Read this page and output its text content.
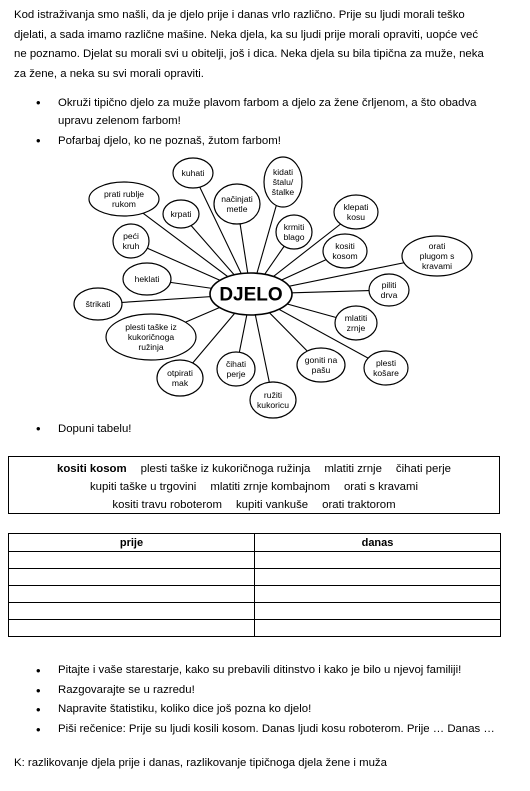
Kod istraživanja smo našli, da je djelo prije i danas vrlo različno. Prije su ljudi morali teško
djelati, a sada imamo različne mašine. Neka djela, ka su ljudi prije morali opraviti, uopće već
ne poznamo. Djelat su morali svi u obitelji, još i dica. Neka djela su bila tipična za muže, neka
za žene, a neka su svi morali opraviti.
• Okruži tipično djelo za muže plavom farbom a djelo za žene črljenom, a što obadva upravu zelenom farbom!
• Pofarbaj djelo, ko ne poznaš, žutom farbom!
kuhati	kidati
štalu/
štalke
prati rublje
rukom	načinjati
metle
krpati
krmiti
blago
klepati
kosu
peći
kruh	kositi
kosom
orati
plugom s
kravami
heklati
piliti
drva
štrikati
mlatiti
zrnje
plesti taške iz
kukoričnoga
ružinja
čihati
perje
goniti na
pašu
plesti
košare
otpirati
mak
ružiti
kukoricu
DJELO
• Dopuni tabelu!
kositi kosom plesti taške iz kukoričnoga ružinja mlatiti zrnje čihati perje
kupiti taške u trgovini mlatiti zrnje kombajnom orati s kravami
kositi travu roboterom kupiti vankuše orati traktorom
prije	danas

• Pitajte i vaše starestarje, kako su prebavili ditinstvo i kako je bilo u njevoj familiji!
• Razgovarajte se u razredu!
• Napravite štatistiku, koliko dice još pozna ko djelo!
• Piši rečenice: Prije su ljudi kosili kosom. Danas ljudi kosu roboterom. Prije … Danas …
K: razlikovanje djela prije i danas, razlikovanje tipičnoga djela žene i muža
